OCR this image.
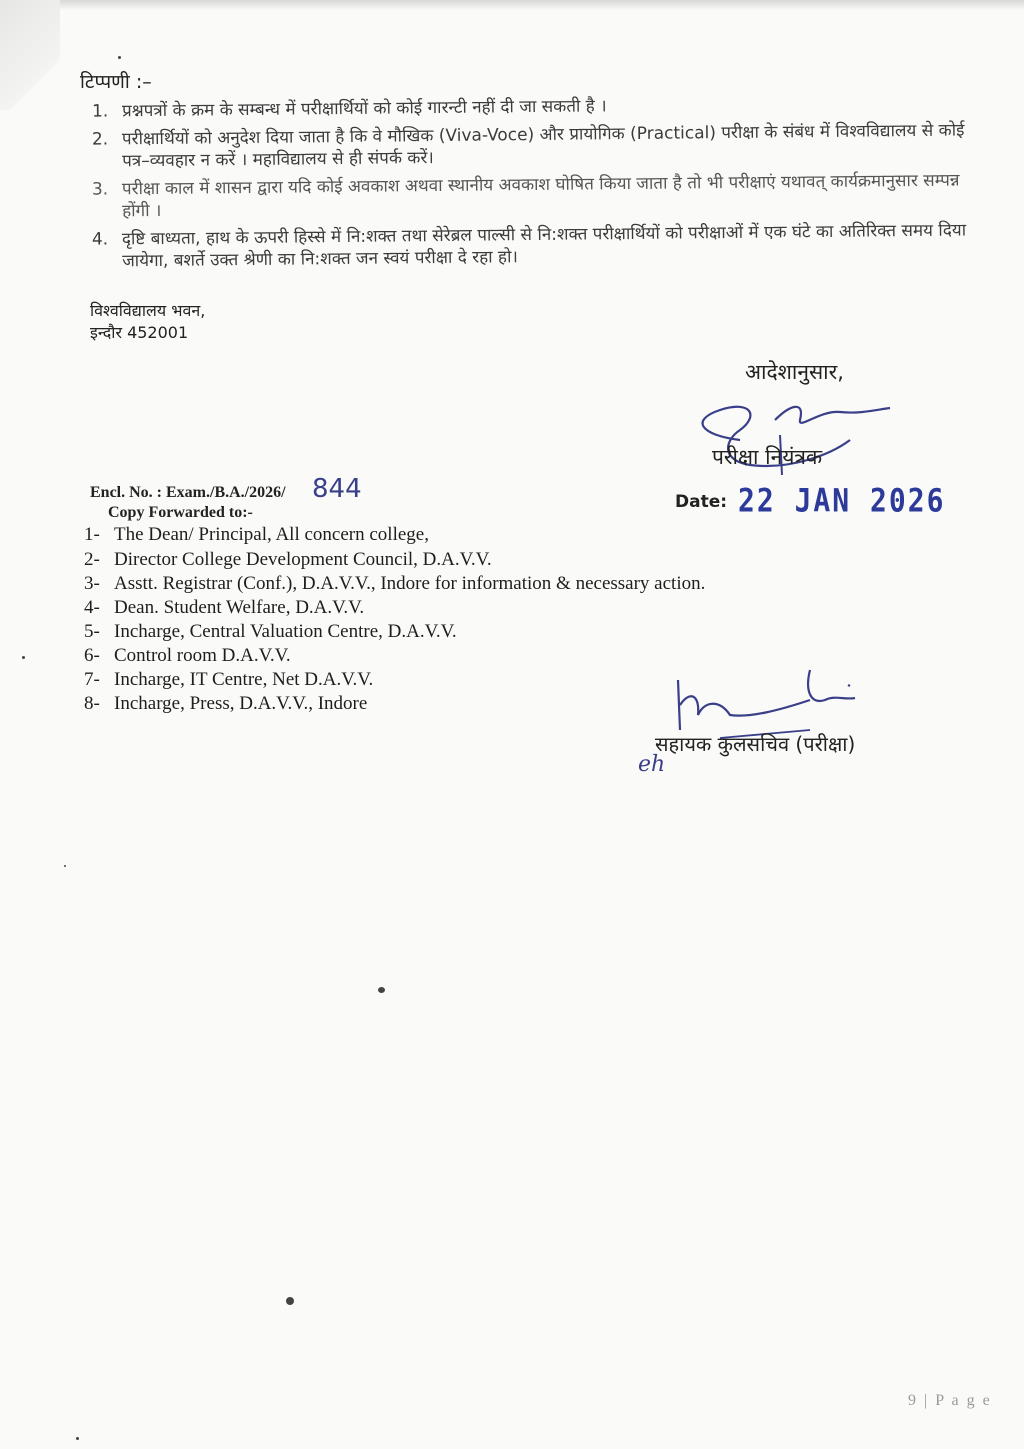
टिप्पणी :–
1. प्रश्नपत्रों के क्रम के सम्बन्ध में परीक्षार्थियों को कोई गारन्टी नहीं दी जा सकती है ।
2. परीक्षार्थियों को अनुदेश दिया जाता है कि वे मौखिक (Viva-Voce) और प्रायोगिक (Practical) परीक्षा के संबंध में विश्वविद्यालय से कोई पत्र–व्यवहार न करें । महाविद्यालय से ही संपर्क करें।
3. परीक्षा काल में शासन द्वारा यदि कोई अवकाश अथवा स्थानीय अवकाश घोषित किया जाता है तो भी परीक्षाएं यथावत् कार्यक्रमानुसार सम्पन्न होंगी ।
4. दृष्टि बाध्यता, हाथ के ऊपरी हिस्से में नि:शक्त तथा सेरेब्रल पाल्सी से नि:शक्त परीक्षार्थियों को परीक्षाओं में एक घंटे का अतिरिक्त समय दिया जायेगा, बशर्ते उक्त श्रेणी का नि:शक्त जन स्वयं परीक्षा दे रहा हो।
विश्वविद्यालय भवन,
इन्दौर 452001
आदेशानुसार,
परीक्षा नियंत्रक
Encl. No. : Exam./B.A./2026/ 844
Copy Forwarded to:-
Date: 22 JAN 2026
1- The Dean/ Principal, All concern college,
2- Director College Development Council, D.A.V.V.
3- Asstt. Registrar (Conf.), D.A.V.V., Indore for information & necessary action.
4- Dean. Student Welfare, D.A.V.V.
5- Incharge, Central Valuation Centre, D.A.V.V.
6- Control room D.A.V.V.
7- Incharge, IT Centre, Net D.A.V.V.
8- Incharge, Press, D.A.V.V., Indore
सहायक कुलसचिव (परीक्षा)
eh
9 | P a g e
